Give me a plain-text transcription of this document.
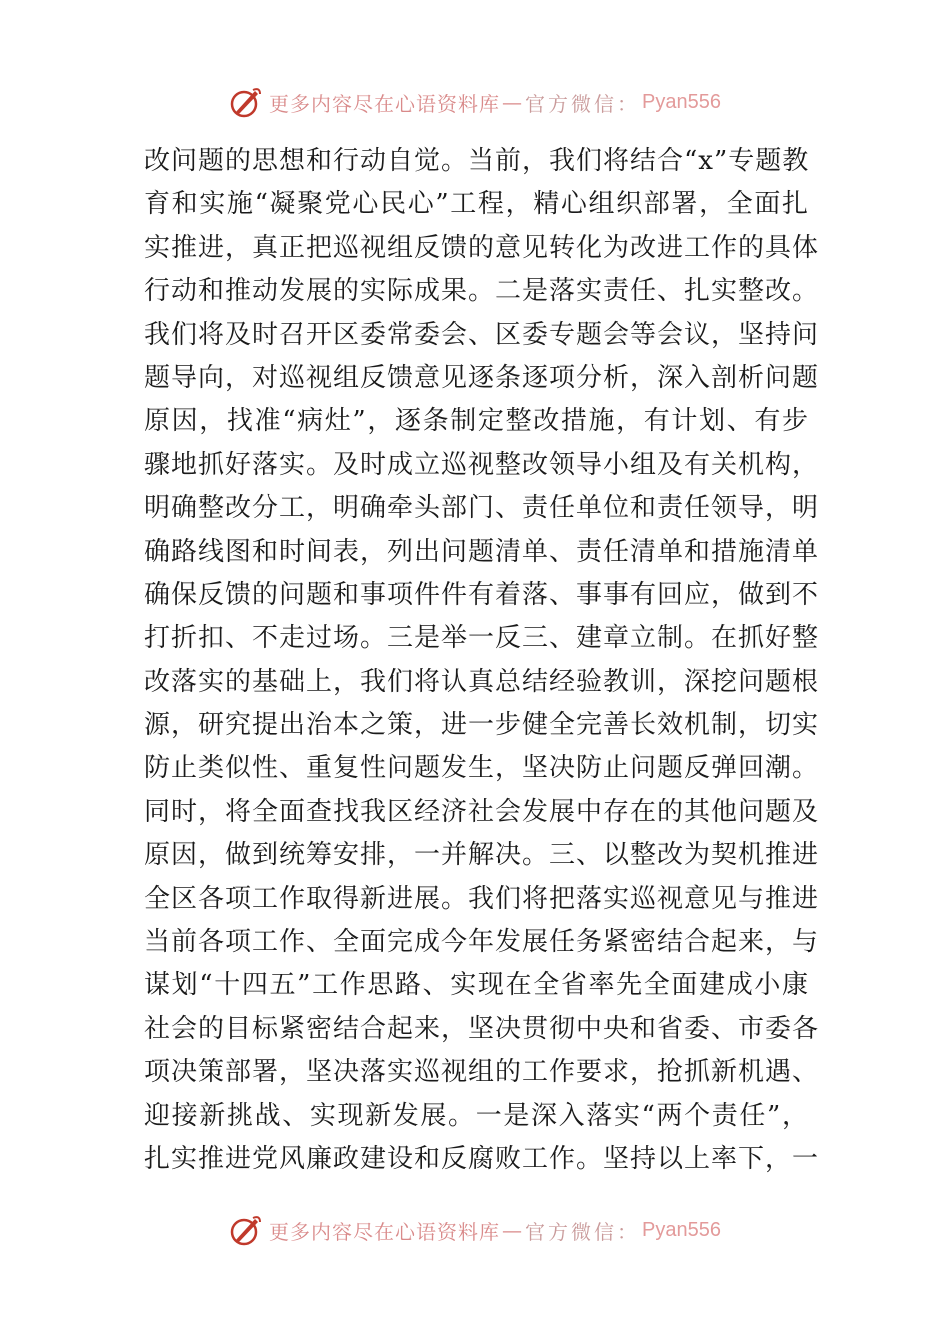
更多内容尽在心语资料库 — 官方微信： Pyan556
改问题的思想和行动自觉。当前，我们将结合“x”专题教
育和实施“凝聚党心民心”工程，精心组织部署，全面扎
实推进，真正把巡视组反馈的意见转化为改进工作的具体
行动和推动发展的实际成果。二是落实责任、扎实整改。
我们将及时召开区委常委会、区委专题会等会议，坚持问
题导向，对巡视组反馈意见逐条逐项分析，深入剖析问题
原因，找准“病灶”，逐条制定整改措施，有计划、有步
骤地抓好落实。及时成立巡视整改领导小组及有关机构，
明确整改分工，明确牵头部门、责任单位和责任领导，明
确路线图和时间表，列出问题清单、责任清单和措施清单
确保反馈的问题和事项件件有着落、事事有回应，做到不
打折扣、不走过场。三是举一反三、建章立制。在抓好整
改落实的基础上，我们将认真总结经验教训，深挖问题根
源，研究提出治本之策，进一步健全完善长效机制，切实
防止类似性、重复性问题发生，坚决防止问题反弹回潮。
同时，将全面查找我区经济社会发展中存在的其他问题及
原因，做到统筹安排，一并解决。三、以整改为契机推进
全区各项工作取得新进展。我们将把落实巡视意见与推进
当前各项工作、全面完成今年发展任务紧密结合起来，与
谋划“十四五”工作思路、实现在全省率先全面建成小康
社会的目标紧密结合起来，坚决贯彻中央和省委、市委各
项决策部署，坚决落实巡视组的工作要求，抢抓新机遇、
迎接新挑战、实现新发展。一是深入落实“两个责任”，
扎实推进党风廉政建设和反腐败工作。坚持以上率下，一
更多内容尽在心语资料库 — 官方微信： Pyan556
